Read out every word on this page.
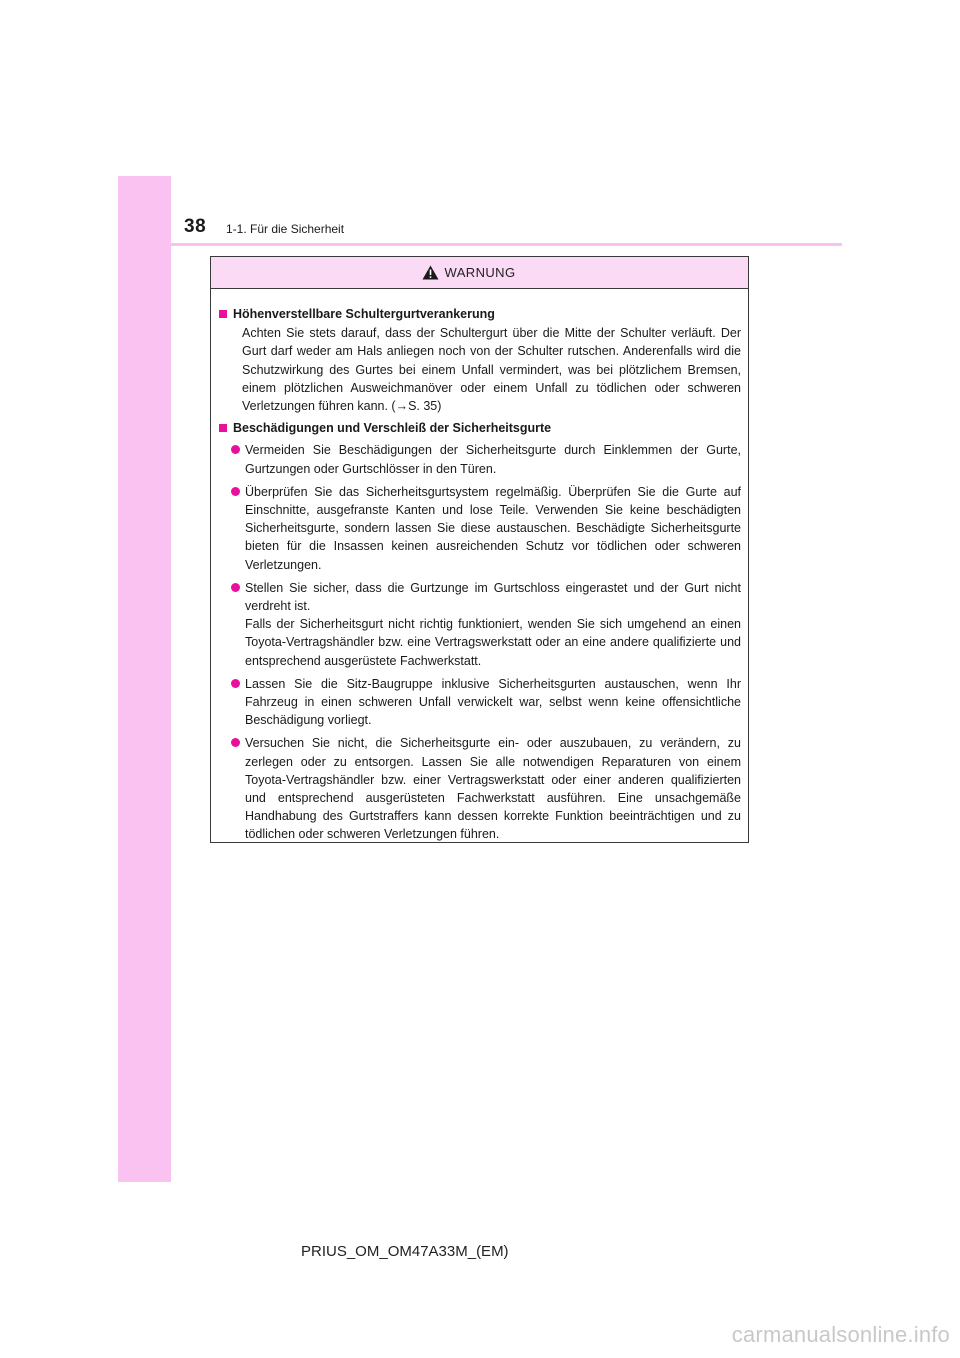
38 1-1. Für die Sicherheit
WARNUNG
Höhenverstellbare Schultergurtverankerung
Achten Sie stets darauf, dass der Schultergurt über die Mitte der Schulter verläuft. Der Gurt darf weder am Hals anliegen noch von der Schulter rutschen. Anderenfalls wird die Schutzwirkung des Gurtes bei einem Unfall vermindert, was bei plötzlichem Bremsen, einem plötzlichen Ausweichmanöver oder einem Unfall zu tödlichen oder schweren Verletzungen führen kann. (→S. 35)
Beschädigungen und Verschleiß der Sicherheitsgurte
Vermeiden Sie Beschädigungen der Sicherheitsgurte durch Einklemmen der Gurte, Gurtzungen oder Gurtschlösser in den Türen.
Überprüfen Sie das Sicherheitsgurtsystem regelmäßig. Überprüfen Sie die Gurte auf Einschnitte, ausgefranste Kanten und lose Teile. Verwenden Sie keine beschädigten Sicherheitsgurte, sondern lassen Sie diese austauschen. Beschädigte Sicherheitsgurte bieten für die Insassen keinen ausreichenden Schutz vor tödlichen oder schweren Verletzungen.
Stellen Sie sicher, dass die Gurtzunge im Gurtschloss eingerastet und der Gurt nicht verdreht ist.
Falls der Sicherheitsgurt nicht richtig funktioniert, wenden Sie sich umgehend an einen Toyota-Vertragshändler bzw. eine Vertragswerkstatt oder an eine andere qualifizierte und entsprechend ausgerüstete Fachwerkstatt.
Lassen Sie die Sitz-Baugruppe inklusive Sicherheitsgurten austauschen, wenn Ihr Fahrzeug in einen schweren Unfall verwickelt war, selbst wenn keine offensichtliche Beschädigung vorliegt.
Versuchen Sie nicht, die Sicherheitsgurte ein- oder auszubauen, zu verändern, zu zerlegen oder zu entsorgen. Lassen Sie alle notwendigen Reparaturen von einem Toyota-Vertragshändler bzw. einer Vertragswerkstatt oder einer anderen qualifizierten und entsprechend ausgerüsteten Fachwerkstatt ausführen. Eine unsachgemäße Handhabung des Gurtstraffers kann dessen korrekte Funktion beeinträchtigen und zu tödlichen oder schweren Verletzungen führen.
PRIUS_OM_OM47A33M_(EM)
carmanualsonline.info
